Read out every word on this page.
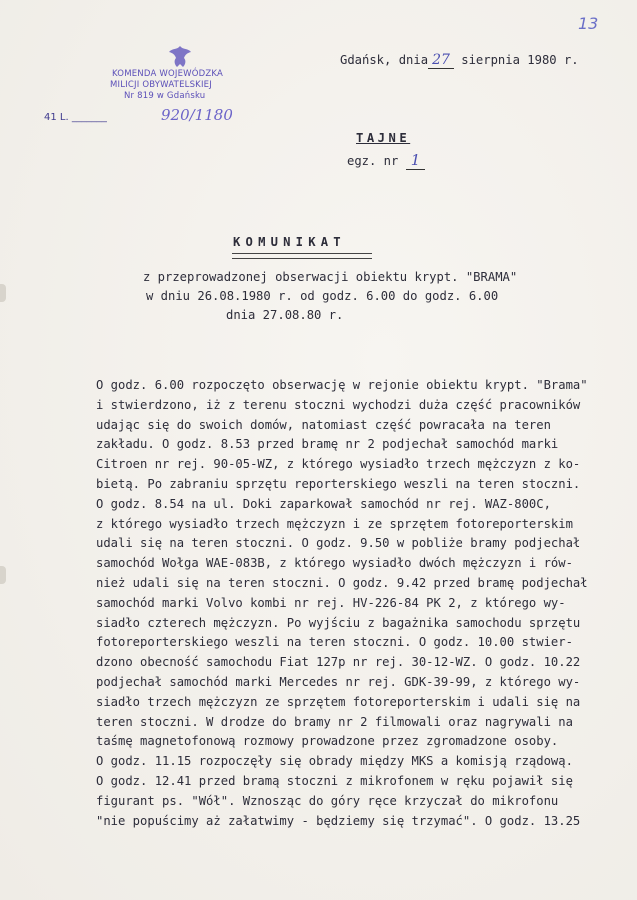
13
KOMENDA WOJEWÓDZKA
MILICJI OBYWATELSKIEJ
Nr 819 w Gdańsku
41 L. _______	920/1180
Gdańsk, dnia 27 sierpnia 1980 r.
TAJNE
egz. nr 1
KOMUNIKAT
z przeprowadzonej obserwacji obiektu krypt. "BRAMA"
w dniu 26.08.1980 r. od godz. 6.00 do godz. 6.00
dnia 27.08.80 r.
O godz. 6.00 rozpoczęto obserwację w rejonie obiektu krypt. "Brama"
i stwierdzono, iż z terenu stoczni wychodzi duża część pracowników
udając się do swoich domów, natomiast część powracała na teren
zakładu. O godz. 8.53 przed bramę nr 2 podjechał samochód marki
Citroen nr rej. 90-05-WZ, z którego wysiadło trzech mężczyzn z ko-
bietą. Po zabraniu sprzętu reporterskiego weszli na teren stoczni.
O godz. 8.54 na ul. Doki zaparkował samochód nr rej. WAZ-800C,
z którego wysiadło trzech mężczyzn i ze sprzętem fotoreporterskim
udali się na teren stoczni. O godz. 9.50 w pobliże bramy podjechał
samochód Wołga WAE-083B, z którego wysiadło dwóch mężczyzn i rów-
nież udali się na teren stoczni. O godz. 9.42 przed bramę podjechał
samochód marki Volvo kombi nr rej. HV-226-84 PK 2, z którego wy-
siadło czterech mężczyzn. Po wyjściu z bagażnika samochodu sprzętu
fotoreporterskiego weszli na teren stoczni. O godz. 10.00 stwier-
dzono obecność samochodu Fiat 127p nr rej. 30-12-WZ. O godz. 10.22
podjechał samochód marki Mercedes nr rej. GDK-39-99, z którego wy-
siadło trzech mężczyzn ze sprzętem fotoreporterskim i udali się na
teren stoczni. W drodze do bramy nr 2 filmowali oraz nagrywali na
taśmę magnetofonową rozmowy prowadzone przez zgromadzone osoby.
O godz. 11.15 rozpoczęły się obrady między MKS a komisją rządową.
O godz. 12.41 przed bramą stoczni z mikrofonem w ręku pojawił się
figurant ps. "Wół". Wznosząc do góry ręce krzyczał do mikrofonu
"nie popuścimy aż załatwimy - będziemy się trzymać". O godz. 13.25
